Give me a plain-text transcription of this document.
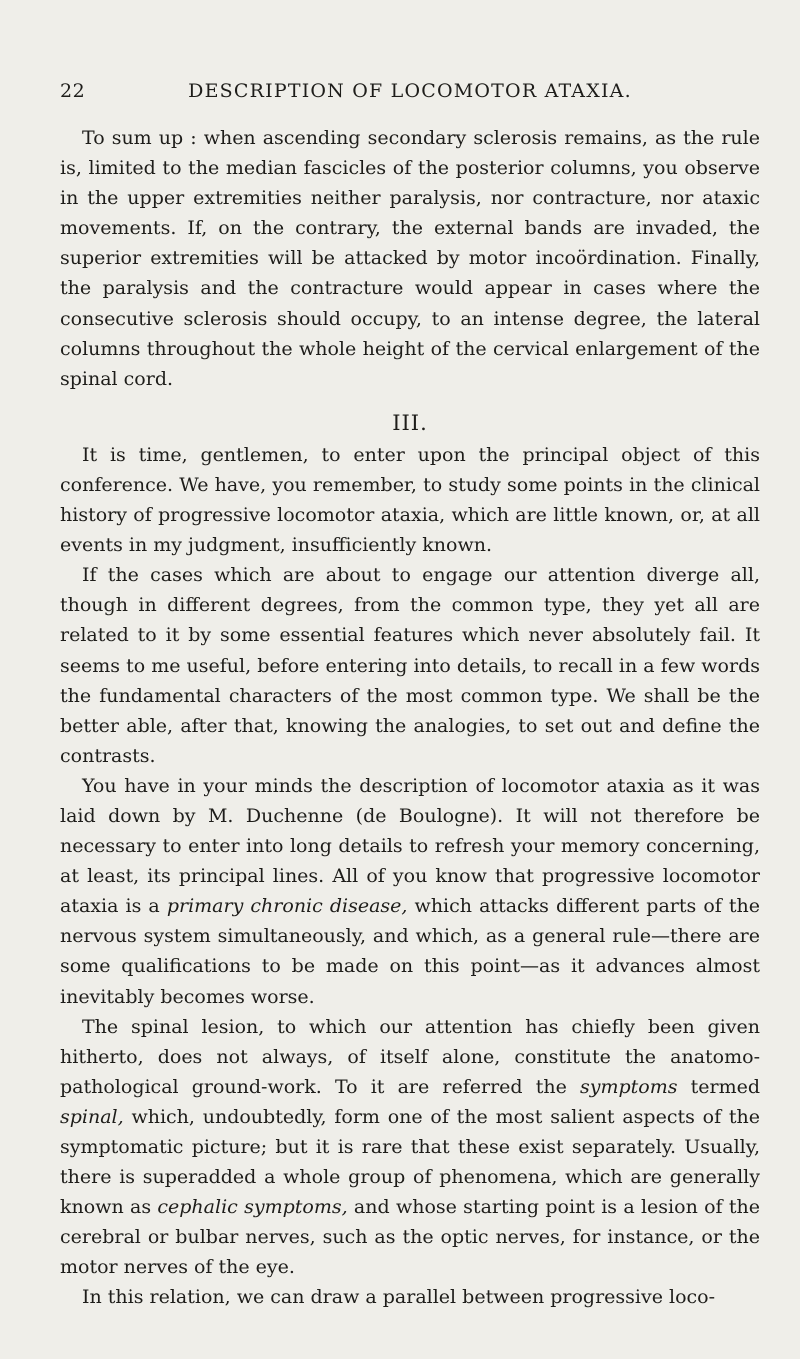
22	DESCRIPTION OF LOCOMOTOR ATAXIA.

To sum up : when ascending secondary sclerosis remains, as the rule is, limited to the median fascicles of the posterior columns, you observe in the upper extremities neither paralysis, nor contracture, nor ataxic movements. If, on the contrary, the external bands are invaded, the superior extremities will be attacked by motor incoördination. Finally, the paralysis and the contracture would appear in cases where the consecutive sclerosis should occupy, to an intense degree, the lateral columns throughout the whole height of the cervical enlargement of the spinal cord.

III.

It is time, gentlemen, to enter upon the principal object of this conference. We have, you remember, to study some points in the clinical history of progressive locomotor ataxia, which are little known, or, at all events in my judgment, insufficiently known.

If the cases which are about to engage our attention diverge all, though in different degrees, from the common type, they yet all are related to it by some essential features which never absolutely fail. It seems to me useful, before entering into details, to recall in a few words the fundamental characters of the most common type. We shall be the better able, after that, knowing the analogies, to set out and define the contrasts.

You have in your minds the description of locomotor ataxia as it was laid down by M. Duchenne (de Boulogne). It will not therefore be necessary to enter into long details to refresh your memory concerning, at least, its principal lines. All of you know that progressive locomotor ataxia is a primary chronic disease, which attacks different parts of the nervous system simultaneously, and which, as a general rule—there are some qualifications to be made on this point—as it advances almost inevitably becomes worse.

The spinal lesion, to which our attention has chiefly been given hitherto, does not always, of itself alone, constitute the anatomo-pathological ground-work. To it are referred the symptoms termed spinal, which, undoubtedly, form one of the most salient aspects of the symptomatic picture; but it is rare that these exist separately. Usually, there is superadded a whole group of phenomena, which are generally known as cephalic symptoms, and whose starting point is a lesion of the cerebral or bulbar nerves, such as the optic nerves, for instance, or the motor nerves of the eye.

In this relation, we can draw a parallel between progressive loco-
